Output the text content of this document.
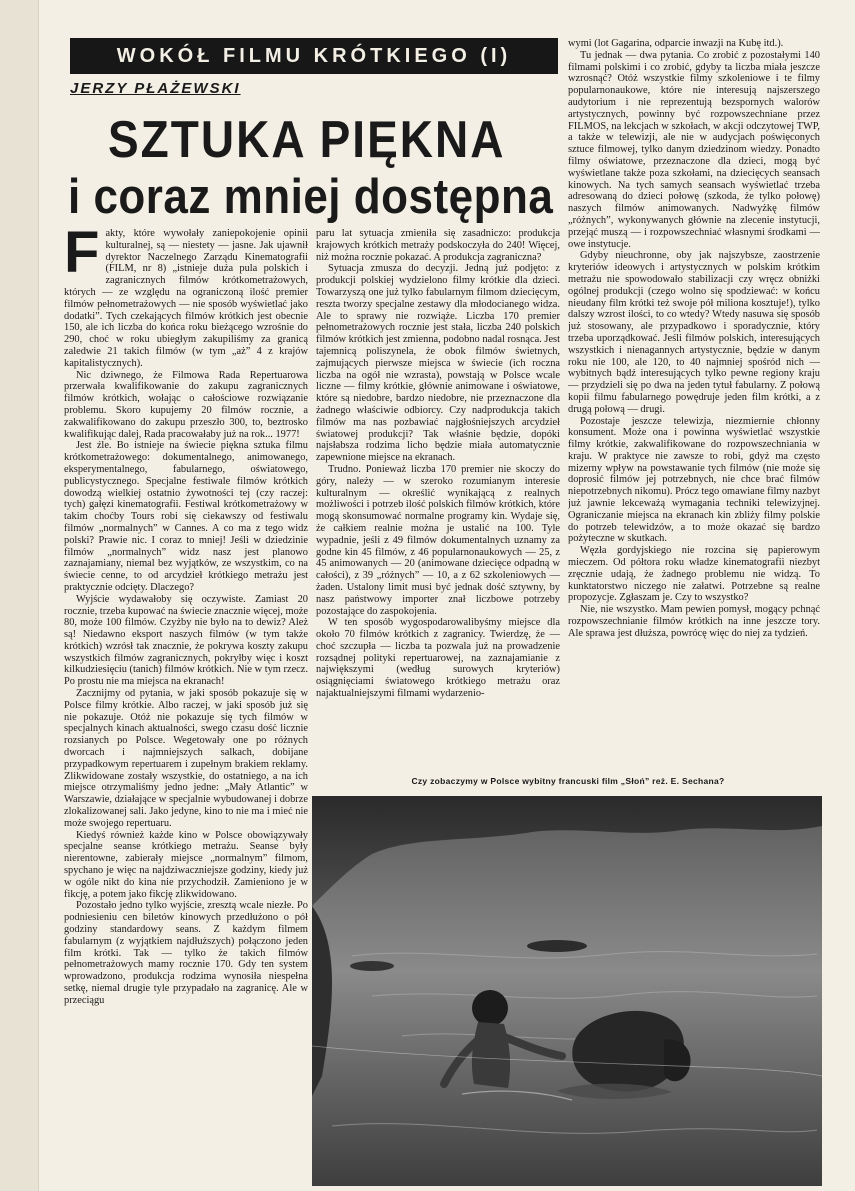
WOKÓŁ FILMU KRÓTKIEGO (I)
JERZY PŁAŻEWSKI
SZTUKA PIĘKNA
i coraz mniej dostępna

Fakty, które wywołały zaniepokojenie opinii kulturalnej, są — niestety — jasne. Jak ujawnił dyrektor Naczelnego Zarządu Kinematografii (FILM, nr 8) „istnieje duża pula polskich i zagranicznych filmów krótkometrażowych, których — ze względu na ograniczoną ilość premier filmów pełnometrażowych — nie sposób wyświetlać jako dodatki”. Tych czekających filmów krótkich jest obecnie 150, ale ich liczba do końca roku bieżącego wzrośnie do 290, choć w roku ubiegłym zakupiliśmy za granicą zaledwie 21 takich filmów (w tym „aż” 4 z krajów kapitalistycznych).

Nic dziwnego, że Filmowa Rada Repertuarowa przerwała kwalifikowanie do zakupu zagranicznych filmów krótkich, wołając o całościowe rozwiązanie problemu. Skoro kupujemy 20 filmów rocznie, a zakwalifikowano do zakupu przeszło 300, to, beztrosko kwalifikując dalej, Rada pracowałaby już na rok... 1977!

Jest źle. Bo istnieje na świecie piękna sztuka filmu krótkometrażowego: dokumentalnego, animowanego, eksperymentalnego, fabularnego, oświatowego, publicystycznego. Specjalne festiwale filmów krótkich dowodzą wielkiej ostatnio żywotności tej (czy raczej: tych) gałęzi kinematografii. Festiwal krótkometrażowy w takim choćby Tours robi się ciekawszy od festiwalu filmów „normalnych” w Cannes. A co ma z tego widz polski? Prawie nic. I coraz to mniej! Jeśli w dziedzinie filmów „normalnych” widz nasz jest planowo zaznajamiany, niemal bez wyjątków, ze wszystkim, co na świecie cenne, to od arcydzieł krótkiego metrażu jest praktycznie odcięty. Dlaczego?

Wyjście wydawałoby się oczywiste. Zamiast 20 rocznie, trzeba kupować na świecie znacznie więcej, może 80, może 100 filmów. Czyżby nie było na to dewiz? Ależ są! Niedawno eksport naszych filmów (w tym także krótkich) wzrósł tak znacznie, że pokrywa koszty zakupu wszystkich filmów zagranicznych, pokryłby więc i koszt kilkudziesięciu (tanich) filmów krótkich. Nie w tym rzecz. Po prostu nie ma miejsca na ekranach!

Zacznijmy od pytania, w jaki sposób pokazuje się w Polsce filmy krótkie. Albo raczej, w jaki sposób już się nie pokazuje. Otóż nie pokazuje się tych filmów w specjalnych kinach aktualności, swego czasu dość licznie rozsianych po Polsce. Wegetowały one po różnych dworcach i najmniejszych salkach, dobijane przypadkowym repertuarem i zupełnym brakiem reklamy. Zlikwidowane zostały wszystkie, do ostatniego, a na ich miejsce otrzymaliśmy jedno jedne: „Mały Atlantic” w Warszawie, działające w specjalnie wybudowanej i dobrze zlokalizowanej sali. Jako jedyne, kino to nie ma i mieć nie może swojego repertuaru.

Kiedyś również każde kino w Polsce obowiązywały specjalne seanse krótkiego metrażu. Seanse były nierentowne, zabierały miejsce „normalnym” filmom, spychano je więc na najdziwaczniejsze godziny, kiedy już w ogóle nikt do kina nie przychodził. Zamieniono je w fikcję, a potem jako fikcję zlikwidowano.

Pozostało jedno tylko wyjście, zresztą wcale niezłe. Po podniesieniu cen biletów kinowych przedłużono o pół godziny standardowy seans. Z każdym filmem fabularnym (z wyjątkiem najdłuższych) połączono jeden film krótki. Tak — tylko że takich filmów pełnometrażowych mamy rocznie 170. Gdy ten system wprowadzono, produkcja rodzima wynosiła niespełna setkę, niemal drugie tyle przypadało na zagranicę. Ale w przeciągu

paru lat sytuacja zmieniła się zasadniczo: produkcja krajowych krótkich metraży podskoczyła do 240! Więcej, niż można rocznie pokazać. A produkcja zagraniczna?

Sytuacja zmusza do decyzji. Jedną już podjęto: z produkcji polskiej wydzielono filmy krótkie dla dzieci. Towarzyszą one już tylko fabularnym filmom dziecięcym, reszta tworzy specjalne zestawy dla młodocianego widza. Ale to sprawy nie rozwiąże. Liczba 170 premier pełnometrażowych rocznie jest stała, liczba 240 polskich filmów krótkich jest zmienna, podobno nadal rosnąca. Jest tajemnicą poliszynela, że obok filmów świetnych, zajmujących pierwsze miejsca w świecie (ich roczna liczba na ogół nie wzrasta), powstają w Polsce wcale liczne — filmy krótkie, głównie animowane i oświatowe, które są niedobre, bardzo niedobre, nie przeznaczone dla żadnego właściwie odbiorcy. Czy nadprodukcja takich filmów ma nas pozbawiać najgłośniejszych arcydzieł światowej produkcji? Tak właśnie będzie, dopóki najsłabsza rodzima licho będzie miała automatycznie zapewnione miejsce na ekranach.

Trudno. Ponieważ liczba 170 premier nie skoczy do góry, należy — w szeroko rozumianym interesie kulturalnym — określić wynikającą z realnych możliwości i potrzeb ilość polskich filmów krótkich, które mogą skonsumować normalne programy kin. Wydaje się, że całkiem realnie można je ustalić na 100. Tyle wypadnie, jeśli z 49 filmów dokumentalnych uznamy za godne kin 45 filmów, z 46 popularnonaukowych — 25, z 45 animowanych — 20 (animowane dziecięce odpadną w całości), z 39 „różnych” — 10, a z 62 szkoleniowych — żaden. Ustalony limit musi być jednak dość sztywny, by nasz państwowy importer znał liczbowe potrzeby pozostające do zaspokojenia.

W ten sposób wygospodarowalibyśmy miejsce dla około 70 filmów krótkich z zagranicy. Twierdzę, że — choć szczupła — liczba ta pozwala już na prowadzenie rozsądnej polityki repertuarowej, na zaznajamianie z największymi (według surowych kryteriów) osiągnięciami światowego krótkiego metrażu oraz najaktualniejszymi filmami wydarzenio-

wymi (lot Gagarina, odparcie inwazji na Kubę itd.).

Tu jednak — dwa pytania. Co zrobić z pozostałymi 140 filmami polskimi i co zrobić, gdyby ta liczba miała jeszcze wzrosnąć? Otóż wszystkie filmy szkoleniowe i te filmy popularnonaukowe, które nie interesują najszerszego audytorium i nie reprezentują bezspornych walorów artystycznych, powinny być rozpowszechniane przez FILMOS, na lekcjach w szkołach, w akcji odczytowej TWP, a także w telewizji, ale nie w audycjach poświęconych sztuce filmowej, tylko danym dziedzinom wiedzy. Ponadto filmy oświatowe, przeznaczone dla dzieci, mogą być wyświetlane także poza szkołami, na dziecięcych seansach kinowych. Na tych samych seansach wyświetlać trzeba adresowaną do dzieci połowę (szkoda, że tylko połowę) naszych filmów animowanych. Nadwyżkę filmów „różnych”, wykonywanych głównie na zlecenie instytucji, przejąć muszą — i rozpowszechniać własnymi środkami — owe instytucje.

Gdyby nieuchronne, oby jak najszybsze, zaostrzenie kryteriów ideowych i artystycznych w polskim krótkim metrażu nie spowodowało stabilizacji czy wręcz obniżki ogólnej produkcji (czego wolno się spodziewać: w końcu nieudany film krótki też swoje pół miliona kosztuje!), tylko dalszy wzrost ilości, to co wtedy? Wtedy nasuwa się sposób już stosowany, ale przypadkowo i sporadycznie, który trzeba uporządkować. Jeśli filmów polskich, interesujących wszystkich i nienagannych artystycznie, będzie w danym roku nie 100, ale 120, to 40 najmniej spośród nich — wybitnych bądź interesujących tylko pewne regiony kraju — przydzieli się po dwa na jeden tytuł fabularny. Z połową kopii filmu fabularnego powędruje jeden film krótki, a z drugą połową — drugi.

Pozostaje jeszcze telewizja, niezmiernie chłonny konsument. Może ona i powinna wyświetlać wszystkie filmy krótkie, zakwalifikowane do rozpowszechniania w kraju. W praktyce nie zawsze to robi, gdyż ma często mizerny wpływ na powstawanie tych filmów (nie może się doprosić filmów jej potrzebnych, nie chce brać filmów niepotrzebnych nikomu). Prócz tego omawiane filmy nazbyt już jawnie lekceważą wymagania techniki telewizyjnej. Ograniczanie miejsca na ekranach kin zbliży filmy polskie do potrzeb telewidzów, a to może okazać się bardzo pożyteczne w skutkach.

Węzła gordyjskiego nie rozcina się papierowym mieczem. Od półtora roku władze kinematografii niezbyt zręcznie udają, że żadnego problemu nie widzą. To kunktatorstwo niczego nie załatwi. Potrzebne są realne propozycje. Zgłaszam je. Czy to wszystko?

Nie, nie wszystko. Mam pewien pomysł, mogący pchnąć rozpowszechnianie filmów krótkich na inne jeszcze tory. Ale sprawa jest dłuższa, powrócę więc do niej za tydzień.

Czy zobaczymy w Polsce wybitny francuski film „Słoń” reż. E. Sechana?
